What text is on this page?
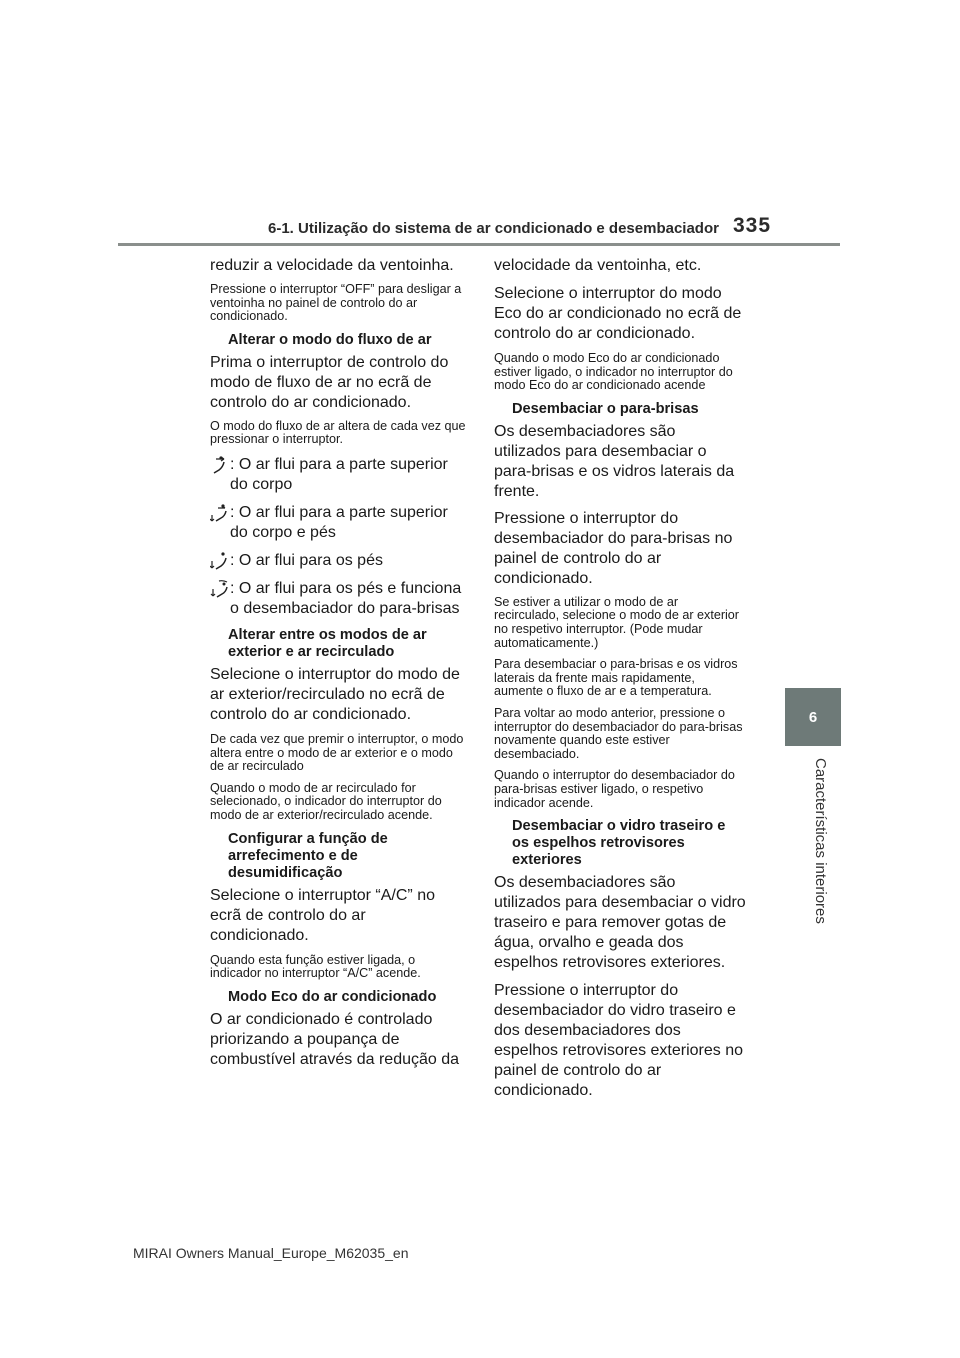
6-1. Utilização do sistema de ar condicionado e desembaciador 335
6
Características interiores

reduzir a velocidade da ventoinha.

Pressione o interruptor “OFF” para desligar a ventoinha no painel de controlo do ar condicionado.

Alterar o modo do fluxo de ar

Prima o interruptor de controlo do modo de fluxo de ar no ecrã de controlo do ar condicionado.

O modo do fluxo de ar altera de cada vez que pressionar o interruptor.

: O ar flui para a parte superior do corpo
: O ar flui para a parte superior do corpo e pés
: O ar flui para os pés
: O ar flui para os pés e funciona o desembaciador do para-brisas
Alterar entre os modos de ar exterior e ar recirculado

Selecione o interruptor do modo de ar exterior/recirculado no ecrã de controlo do ar condicionado.

De cada vez que premir o interruptor, o modo altera entre o modo de ar exterior e o modo de ar recirculado

Quando o modo de ar recirculado for selecionado, o indicador do interruptor do modo de ar exterior/recirculado acende.

Configurar a função de arrefecimento e de desumidificação

Selecione o interruptor “A/C” no ecrã de controlo do ar condicionado.

Quando esta função estiver ligada, o indicador no interruptor “A/C” acende.

Modo Eco do ar condicionado

O ar condicionado é controlado priorizando a poupança de combustível através da redução da

velocidade da ventoinha, etc.

Selecione o interruptor do modo Eco do ar condicionado no ecrã de controlo do ar condicionado.

Quando o modo Eco do ar condicionado estiver ligado, o indicador no interruptor do modo Eco do ar condicionado acende

Desembaciar o para-brisas

Os desembaciadores são utilizados para desembaciar o para-brisas e os vidros laterais da frente.

Pressione o interruptor do desembaciador do para-brisas no painel de controlo do ar condicionado.

Se estiver a utilizar o modo de ar recirculado, selecione o modo de ar exterior no respetivo interruptor. (Pode mudar automaticamente.)

Para desembaciar o para-brisas e os vidros laterais da frente mais rapidamente, aumente o fluxo de ar e a temperatura.

Para voltar ao modo anterior, pressione o interruptor do desembaciador do para-brisas novamente quando este estiver desembaciado.

Quando o interruptor do desembaciador do para-brisas estiver ligado, o respetivo indicador acende.

Desembaciar o vidro traseiro e os espelhos retrovisores exteriores

Os desembaciadores são utilizados para desembaciar o vidro traseiro e para remover gotas de água, orvalho e geada dos espelhos retrovisores exteriores.

Pressione o interruptor do desembaciador do vidro traseiro e dos desembaciadores dos espelhos retrovisores exteriores no painel de controlo do ar condicionado.

MIRAI Owners Manual_Europe_M62035_en
